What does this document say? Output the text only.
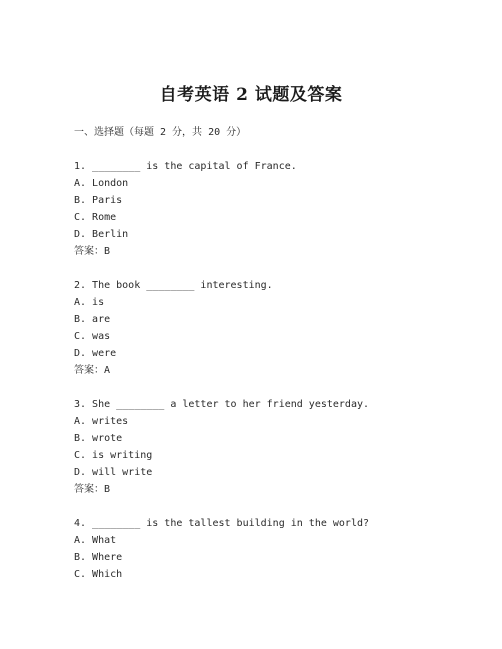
自考英语 2 试题及答案
一、选择题（每题 2 分，共 20 分）
1. ________ is the capital of France.
A. London
B. Paris
C. Rome
D. Berlin
答案：B
2. The book ________ interesting.
A. is
B. are
C. was
D. were
答案：A
3. She ________ a letter to her friend yesterday.
A. writes
B. wrote
C. is writing
D. will write
答案：B
4. ________ is the tallest building in the world?
A. What
B. Where
C. Which
